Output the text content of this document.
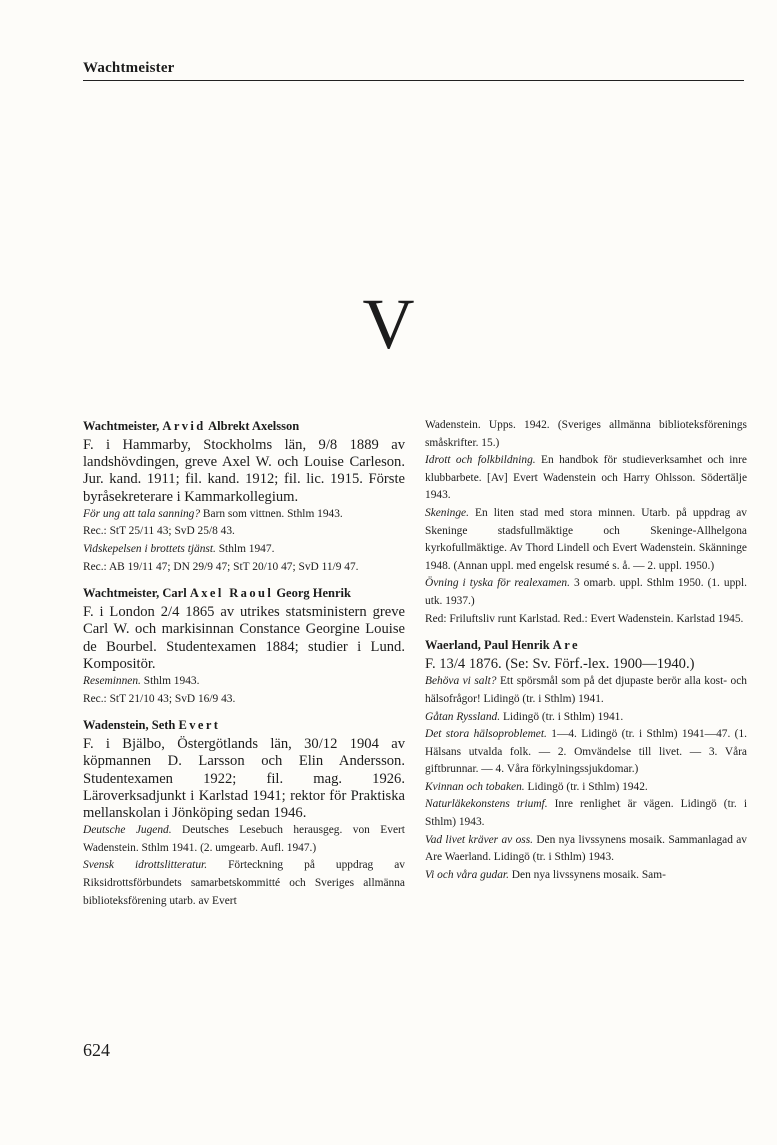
Wachtmeister
V
Wachtmeister, Arvid Albrekt Axelsson
F. i Hammarby, Stockholms län, 9/8 1889 av landshövdingen, greve Axel W. och Louise Carleson. Jur. kand. 1911; fil. kand. 1912; fil. lic. 1915. Förste byråsekreterare i Kammarkollegium.
För ung att tala sanning? Barn som vittnen. Sthlm 1943.
Rec.: StT 25/11 43; SvD 25/8 43.
Vidskepelsen i brottets tjänst. Sthlm 1947.
Rec.: AB 19/11 47; DN 29/9 47; StT 20/10 47; SvD 11/9 47.
Wachtmeister, Carl Axel Raoul Georg Henrik
F. i London 2/4 1865 av utrikes statsministern greve Carl W. och markisinnan Constance Georgine Louise de Bourbel. Studentexamen 1884; studier i Lund. Kompositör.
Reseminnen. Sthlm 1943.
Rec.: StT 21/10 43; SvD 16/9 43.
Wadenstein, Seth Evert
F. i Bjälbo, Östergötlands län, 30/12 1904 av köpmannen D. Larsson och Elin Andersson. Studentexamen 1922; fil. mag. 1926. Läroverksadjunkt i Karlstad 1941; rektor för Praktiska mellanskolan i Jönköping sedan 1946.
Deutsche Jugend. Deutsches Lesebuch herausgeg. von Evert Wadenstein. Sthlm 1941. (2. umgearb. Aufl. 1947.)
Svensk idrottslitteratur. Förteckning på uppdrag av Riksidrottsförbundets samarbetskommitté och Sveriges allmänna biblioteksförening utarb. av Evert
Wadenstein. Upps. 1942. (Sveriges allmänna biblioteksförenings småskrifter. 15.)
Idrott och folkbildning. En handbok för studieverksamhet och inre klubbarbete. [Av] Evert Wadenstein och Harry Ohlsson. Södertälje 1943.
Skeninge. En liten stad med stora minnen. Utarb. på uppdrag av Skeninge stadsfullmäktige och Skeninge-Allhelgona kyrkofullmäktige. Av Thord Lindell och Evert Wadenstein. Skänninge 1948. (Annan uppl. med engelsk resumé s. å. — 2. uppl. 1950.)
Övning i tyska för realexamen. 3 omarb. uppl. Sthlm 1950. (1. uppl. utk. 1937.)
Red: Friluftsliv runt Karlstad. Red.: Evert Wadenstein. Karlstad 1945.
Waerland, Paul Henrik Are
F. 13/4 1876. (Se: Sv. Förf.-lex. 1900—1940.)
Behöva vi salt? Ett spörsmål som på det djupaste berör alla kost- och hälsofrågor! Lidingö (tr. i Sthlm) 1941.
Gåtan Ryssland. Lidingö (tr. i Sthlm) 1941.
Det stora hälsoproblemet. 1—4. Lidingö (tr. i Sthlm) 1941—47. (1. Hälsans utvalda folk. — 2. Omvändelse till livet. — 3. Våra giftbrunnar. — 4. Våra förkylningssjukdomar.)
Kvinnan och tobaken. Lidingö (tr. i Sthlm) 1942.
Naturläkekonstens triumf. Inre renlighet är vägen. Lidingö (tr. i Sthlm) 1943.
Vad livet kräver av oss. Den nya livssynens mosaik. Sammanlagad av Are Waerland. Lidingö (tr. i Sthlm) 1943.
Vi och våra gudar. Den nya livssynens mosaik. Sam-
624
